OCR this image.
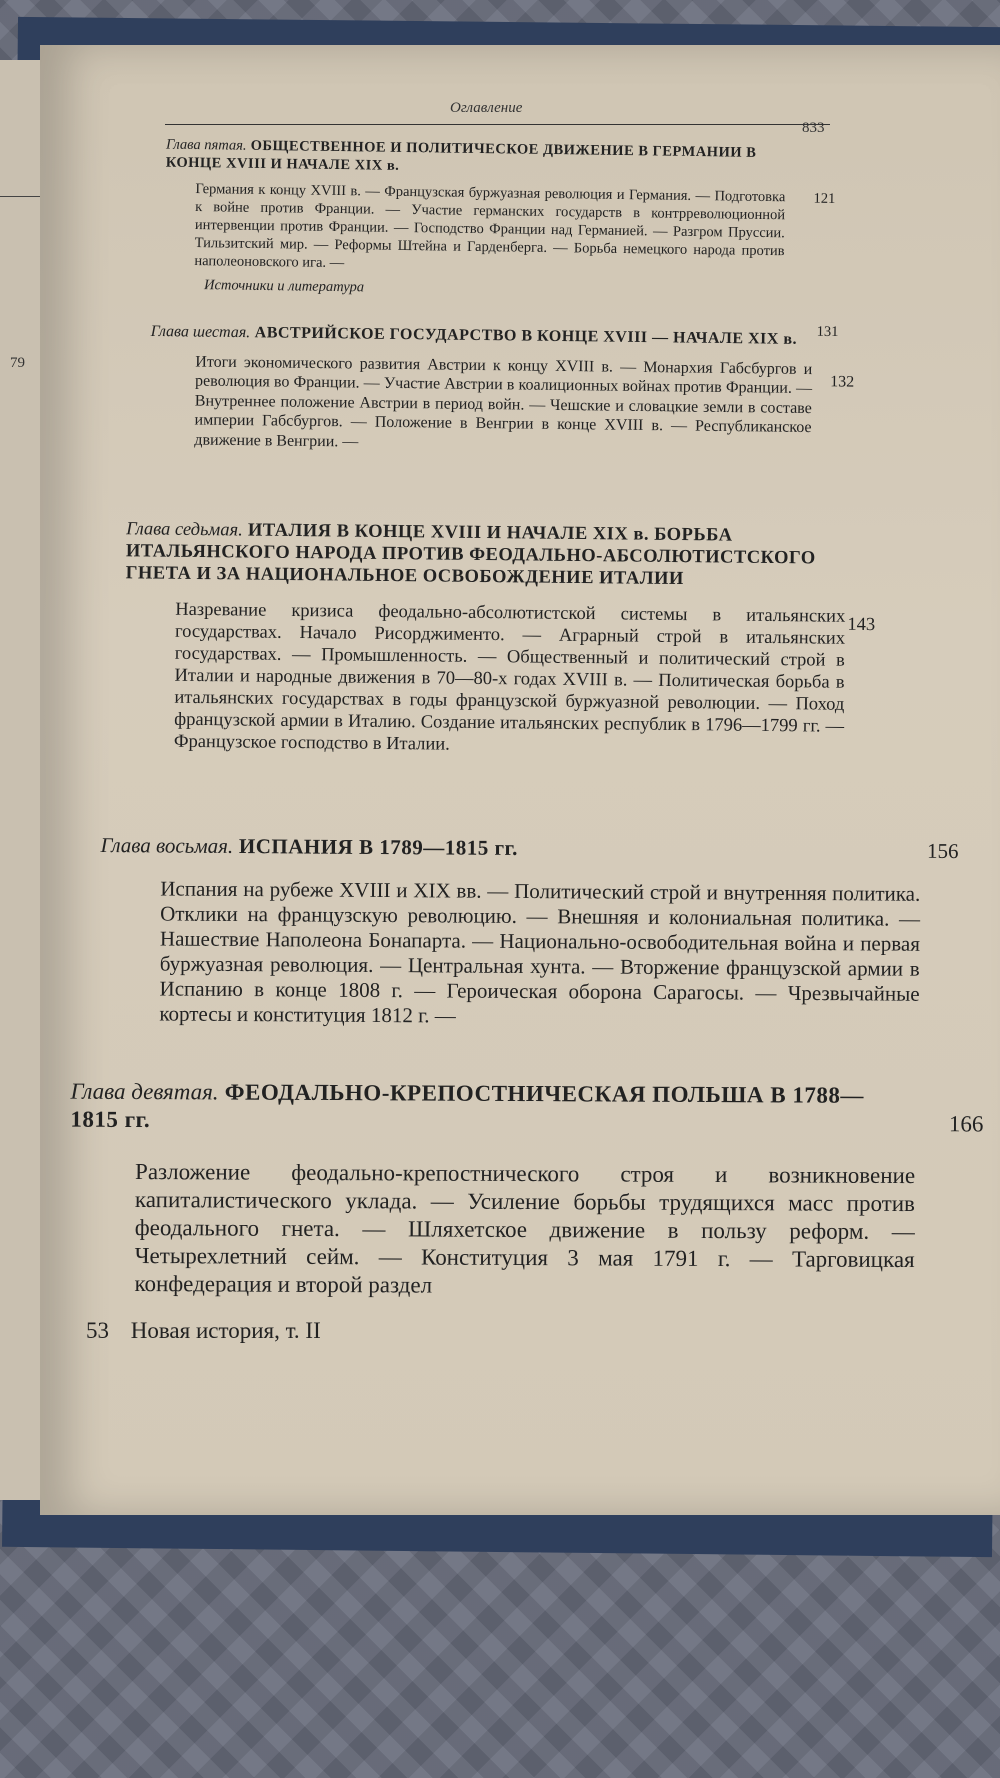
79
Оглавление
833
Глава пятая. ОБЩЕСТВЕННОЕ И ПОЛИТИЧЕСКОЕ ДВИЖЕНИЕ В ГЕРМАНИИ В КОНЦЕ XVIII И НАЧАЛЕ XIX в.
121
Германия к концу XVIII в. — Французская буржуазная революция и Германия. — Подготовка к войне против Франции. — Участие германских государств в контрреволюционной интервенции против Франции. — Господство Франции над Германией. — Разгром Пруссии. Тильзитский мир. — Реформы Штейна и Гарденберга. — Борьба немецкого народа против наполеоновского ига. —
Источники и литература
131
Глава шестая. АВСТРИЙСКОЕ ГОСУДАРСТВО В КОНЦЕ XVIII — НАЧАЛЕ XIX в.
132
Итоги экономического развития Австрии к концу XVIII в. — Монархия Габсбургов и революция во Франции. — Участие Австрии в коалиционных войнах против Франции. — Внутреннее положение Австрии в период войн. — Чешские и словацкие земли в составе империи Габсбургов. — Положение в Венгрии в конце XVIII в. — Республиканское движение в Венгрии. —
Глава седьмая. ИТАЛИЯ В КОНЦЕ XVIII И НАЧАЛЕ XIX в. БОРЬБА ИТАЛЬЯНСКОГО НАРОДА ПРОТИВ ФЕОДАЛЬНО-АБСОЛЮТИСТСКОГО ГНЕТА И ЗА НАЦИОНАЛЬНОЕ ОСВОБОЖДЕНИЕ ИТАЛИИ
143
Назревание кризиса феодально-абсолютистской системы в итальянских государствах. Начало Рисорджименто. — Аграрный строй в итальянских государствах. — Промышленность. — Общественный и политический строй в Италии и народные движения в 70—80-х годах XVIII в. — Политическая борьба в итальянских государствах в годы французской буржуазной революции. — Поход французской армии в Италию. Создание итальянских республик в 1796—1799 гг. — Французское господство в Италии.
Глава восьмая. ИСПАНИЯ В 1789—1815 гг.	156
Испания на рубеже XVIII и XIX вв. — Политический строй и внутренняя политика. Отклики на французскую революцию. — Внешняя и колониальная политика. — Нашествие Наполеона Бонапарта. — Национально-освободительная война и первая буржуазная революция. — Центральная хунта. — Вторжение французской армии в Испанию в конце 1808 г. — Героическая оборона Сарагосы. — Чрезвычайные кортесы и конституция 1812 г. —
Глава девятая. ФЕОДАЛЬНО-КРЕПОСТНИЧЕСКАЯ ПОЛЬША В 1788—1815 гг.	166
Разложение феодально-крепостнического строя и возникновение капиталистического уклада. — Усиление борьбы трудящихся масс против феодального гнета. — Шляхетское движение в пользу реформ. — Четырехлетний сейм. — Конституция 3 мая 1791 г. — Тарговицкая конфедерация и второй раздел
53 Новая история, т. II
